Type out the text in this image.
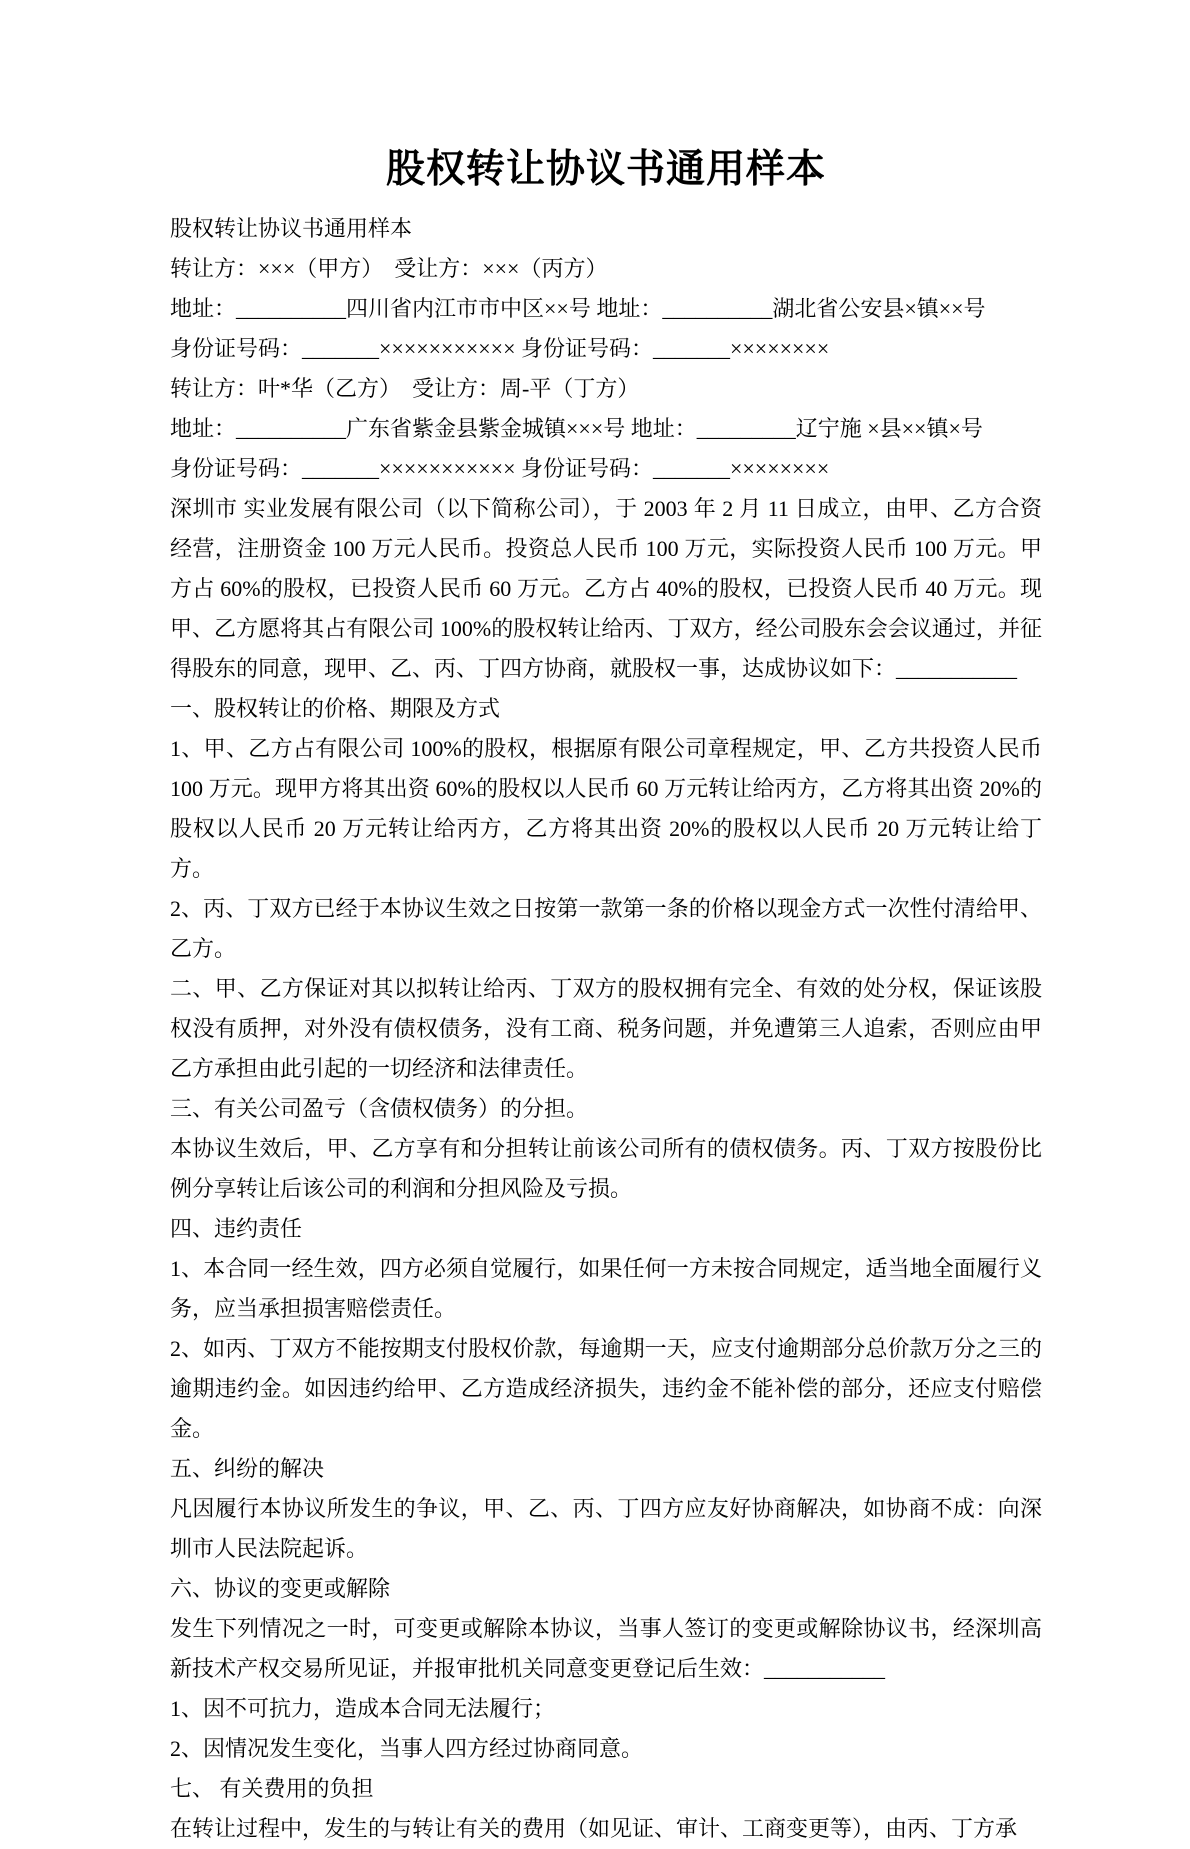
股权转让协议书通用样本

股权转让协议书通用样本

转让方：×××（甲方）　受让方：×××（丙方）

地址：__________四川省内江市市中区××号 地址：__________湖北省公安县×镇××号

身份证号码：_______××××××××××× 身份证号码：_______××××××××

转让方：叶*华（乙方）　受让方：周-平（丁方）

地址：__________广东省紫金县紫金城镇×××号 地址：_________辽宁施 ×县××镇×号

身份证号码：_______××××××××××× 身份证号码：_______××××××××

深圳市 实业发展有限公司（以下简称公司），于 2003 年 2 月 11 日成立，由甲、乙方合资经营，注册资金 100 万元人民币。投资总人民币 100 万元，实际投资人民币 100 万元。甲方占 60%的股权，已投资人民币 60 万元。乙方占 40%的股权，已投资人民币 40 万元。现甲、乙方愿将其占有限公司 100%的股权转让给丙、丁双方，经公司股东会会议通过，并征得股东的同意，现甲、乙、丙、丁四方协商，就股权一事，达成协议如下：___________

一、股权转让的价格、期限及方式

1、甲、乙方占有限公司 100%的股权，根据原有限公司章程规定，甲、乙方共投资人民币 100 万元。现甲方将其出资 60%的股权以人民币 60 万元转让给丙方，乙方将其出资 20%的股权以人民币 20 万元转让给丙方，乙方将其出资 20%的股权以人民币 20 万元转让给丁方。

2、丙、丁双方已经于本协议生效之日按第一款第一条的价格以现金方式一次性付清给甲、乙方。

二、甲、乙方保证对其以拟转让给丙、丁双方的股权拥有完全、有效的处分权，保证该股权没有质押，对外没有债权债务，没有工商、税务问题，并免遭第三人追索，否则应由甲乙方承担由此引起的一切经济和法律责任。

三、有关公司盈亏（含债权债务）的分担。

本协议生效后，甲、乙方享有和分担转让前该公司所有的债权债务。丙、丁双方按股份比例分享转让后该公司的利润和分担风险及亏损。

四、违约责任

1、本合同一经生效，四方必须自觉履行，如果任何一方未按合同规定，适当地全面履行义务，应当承担损害赔偿责任。

2、如丙、丁双方不能按期支付股权价款，每逾期一天，应支付逾期部分总价款万分之三的逾期违约金。如因违约给甲、乙方造成经济损失，违约金不能补偿的部分，还应支付赔偿金。

五、纠纷的解决

凡因履行本协议所发生的争议，甲、乙、丙、丁四方应友好协商解决，如协商不成：向深圳市人民法院起诉。

六、协议的变更或解除

发生下列情况之一时，可变更或解除本协议，当事人签订的变更或解除协议书，经深圳高新技术产权交易所见证，并报审批机关同意变更登记后生效：___________

1、因不可抗力，造成本合同无法履行；

2、因情况发生变化，当事人四方经过协商同意。

七、 有关费用的负担

在转让过程中，发生的与转让有关的费用（如见证、审计、工商变更等），由丙、丁方承
